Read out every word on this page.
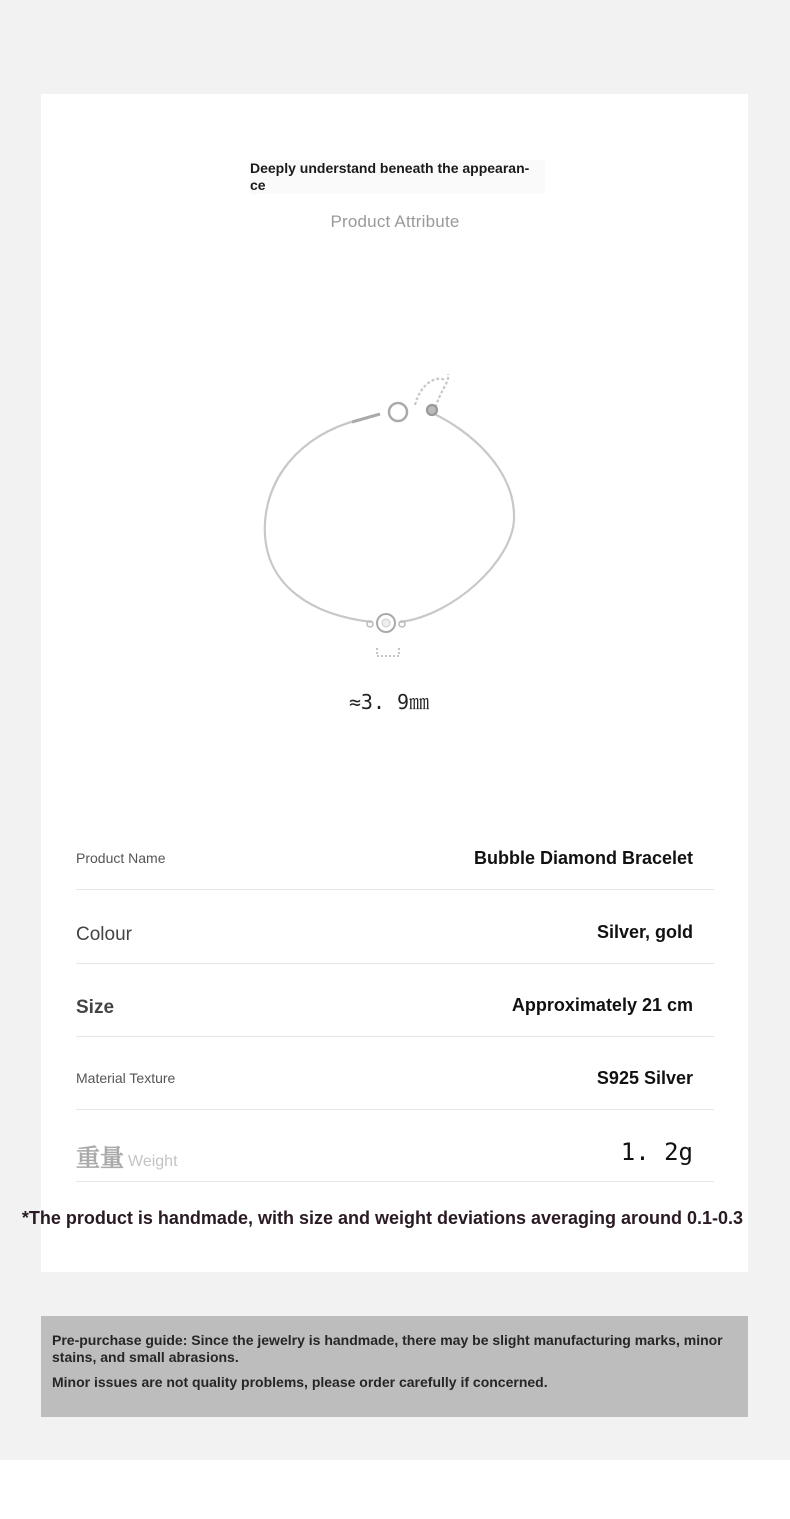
Deeply understand beneath the appearan- ce
Product Attribute
≈3. 9㎜
Product Name	Bubble Diamond Bracelet
Colour	Silver, gold
Size	Approximately 21 cm
Material Texture	S925 Silver
重量 Weight	1. 2g
*The product is handmade, with size and weight deviations averaging around 0.1-0.3

Pre-purchase guide: Since the jewelry is handmade, there may be slight manufacturing marks, minor stains, and small abrasions.

Minor issues are not quality problems, please order carefully if concerned.
